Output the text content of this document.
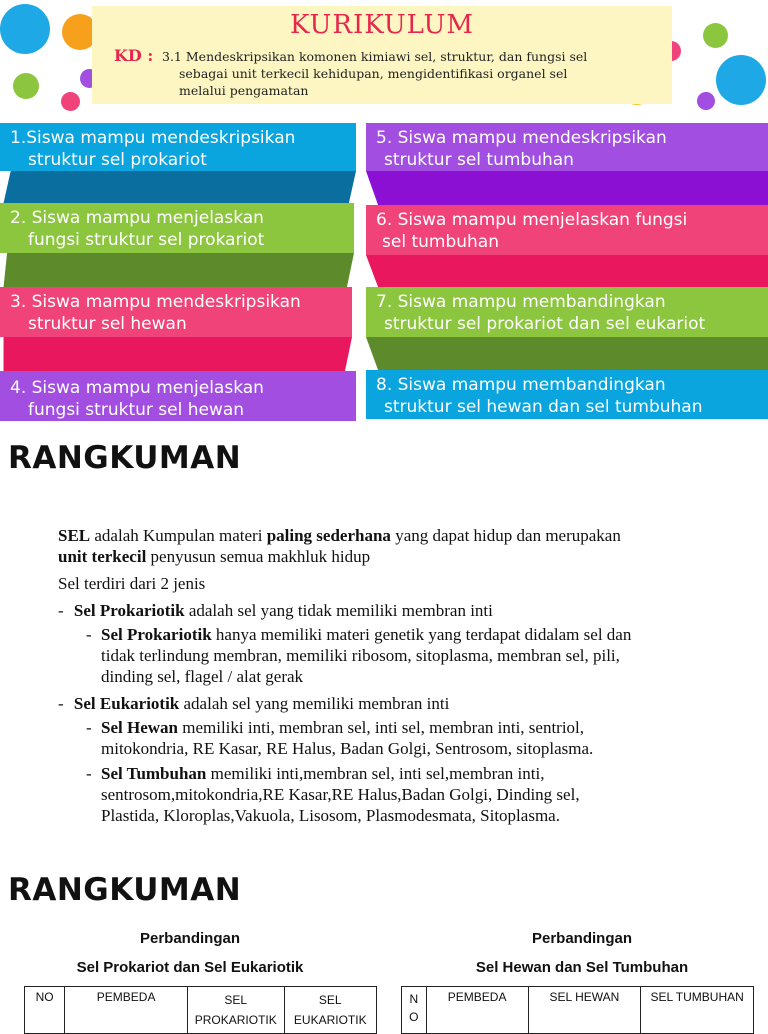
KURIKULUM
KD : 3.1 Mendeskripsikan komonen kimiawi sel, struktur, dan fungsi sel
sebagai unit terkecil kehidupan, mengidentifikasi organel sel
melalui pengamatan
1.Siswa mampu mendeskripsikan
struktur sel prokariot
2. Siswa mampu menjelaskan
fungsi struktur sel prokariot
3. Siswa mampu mendeskripsikan
struktur sel hewan
4. Siswa mampu menjelaskan
fungsi struktur sel hewan
5. Siswa mampu mendeskripsikan
struktur sel tumbuhan
6. Siswa mampu menjelaskan fungsi
sel tumbuhan
7. Siswa mampu membandingkan
struktur sel prokariot dan sel eukariot
8. Siswa mampu membandingkan
struktur sel hewan dan sel tumbuhan
RANGKUMAN
SEL adalah Kumpulan materi paling sederhana yang dapat hidup dan merupakan
unit terkecil penyusun semua makhluk hidup
Sel terdiri dari 2 jenis
- Sel Prokariotik adalah sel yang tidak memiliki membran inti
- Sel Prokariotik hanya memiliki materi genetik yang terdapat didalam sel dan
tidak terlindung membran, memiliki ribosom, sitoplasma, membran sel, pili,
dinding sel, flagel / alat gerak
- Sel Eukariotik adalah sel yang memiliki membran inti
- Sel Hewan memiliki inti, membran sel, inti sel, membran inti, sentriol,
mitokondria, RE Kasar, RE Halus, Badan Golgi, Sentrosom, sitoplasma.
- Sel Tumbuhan memiliki inti,membran sel, inti sel,membran inti,
sentrosom,mitokondria,RE Kasar,RE Halus,Badan Golgi, Dinding sel,
Plastida, Kloroplas,Vakuola, Lisosom, Plasmodesmata, Sitoplasma.
RANGKUMAN
Perbandingan
Sel Prokariot dan Sel Eukariotik
Perbandingan
Sel Hewan dan Sel Tumbuhan
NO	PEMBEDA	SEL PROKARIOTIK	SEL EUKARIOTIK
N O	PEMBEDA	SEL HEWAN	SEL TUMBUHAN
